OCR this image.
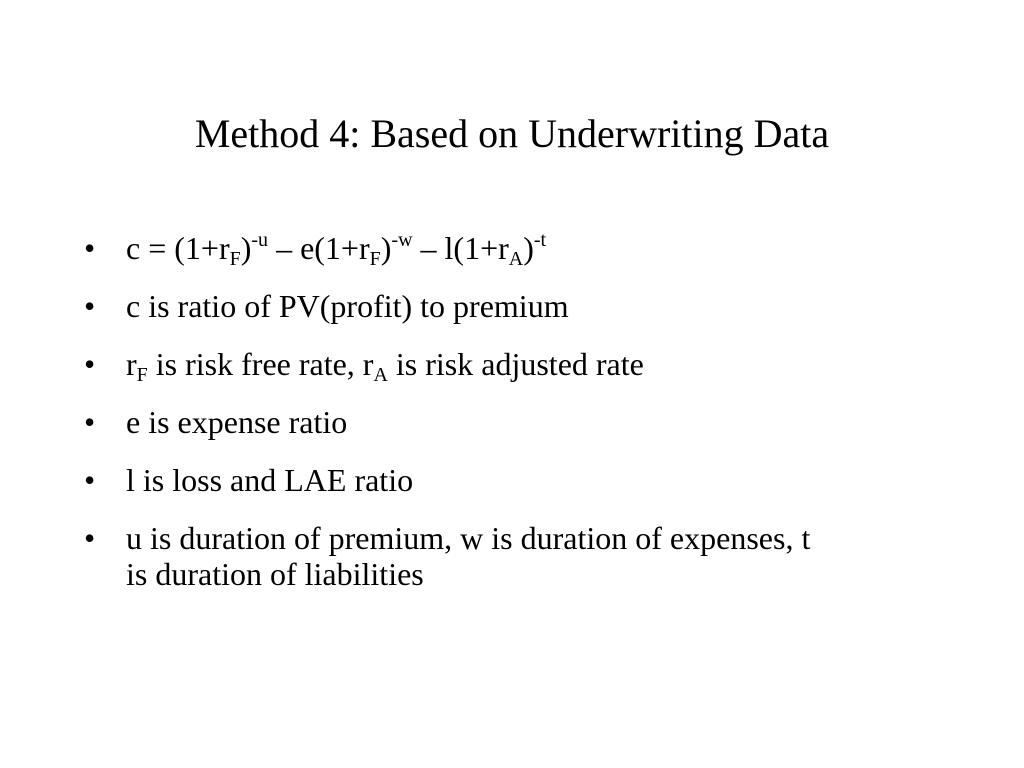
Method 4: Based on Underwriting Data
• $c = (1+r_F)^{-u} - e(1+r_F)^{-w} - l(1+r_A)^{-t}$
• c is ratio of PV(profit) to premium
• $r_F$ is risk free rate, $r_A$ is risk adjusted rate
• e is expense ratio
• l is loss and LAE ratio
• u is duration of premium, w is duration of expenses, t is duration of liabilities
